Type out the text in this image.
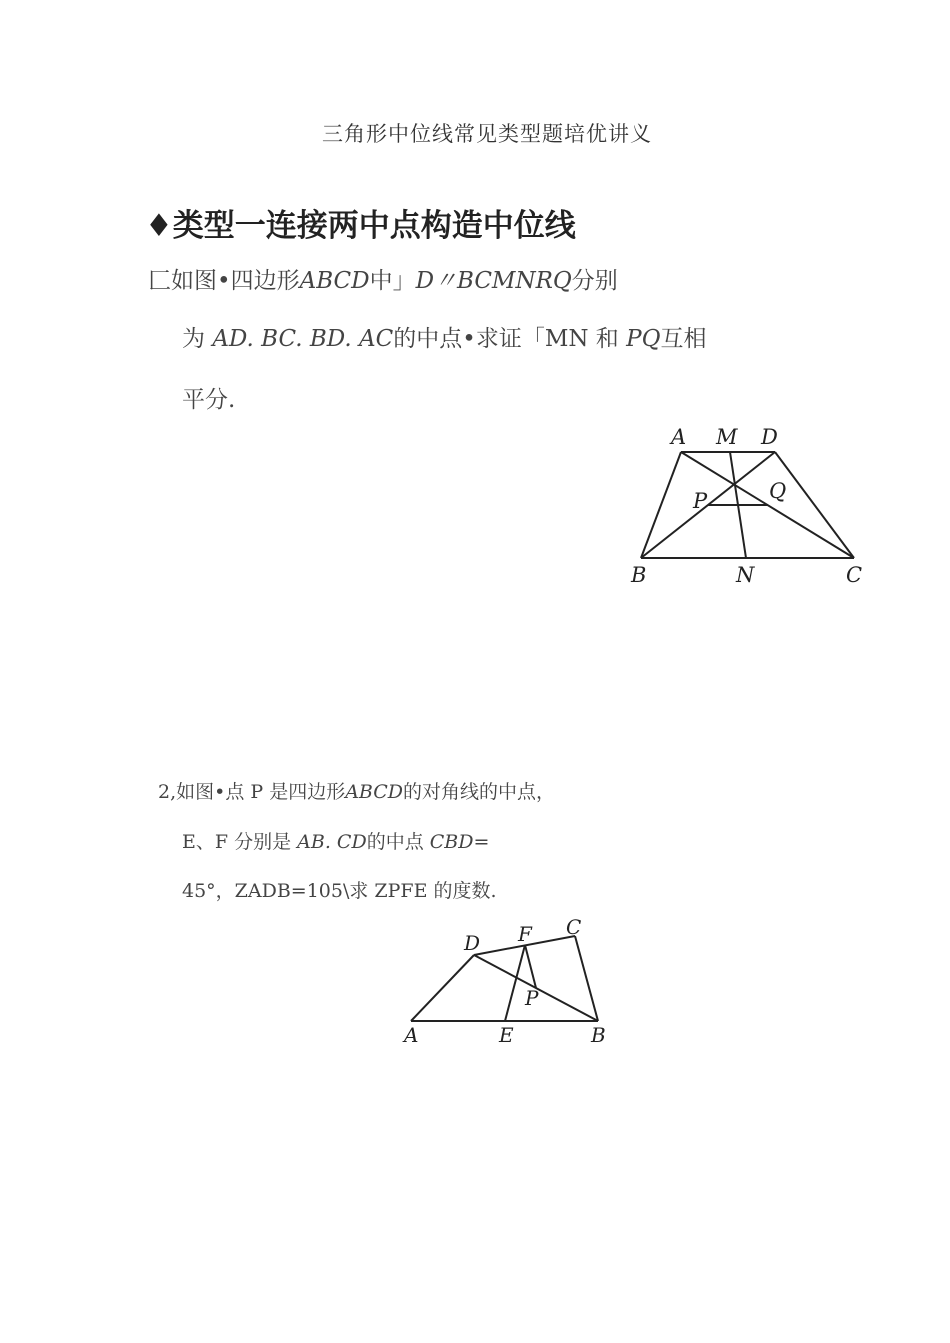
三角形中位线常见类型题培优讲义
♦类型一连接两中点构造中位线
匚如图•四边形ABCD中」D〃BCMNRQ分别
为 AD. BC. BD. AC的中点•求证「MN 和 PQ互相
平分.
A M D
P	Q
B	N	C
2,如图•点 P 是四边形ABCD的对角线的中点，
E、F 分别是 AB. CD的中点 CBD=
45°，ZADB=105\求 ZPFE 的度数.
D F C
P
A	E	B
